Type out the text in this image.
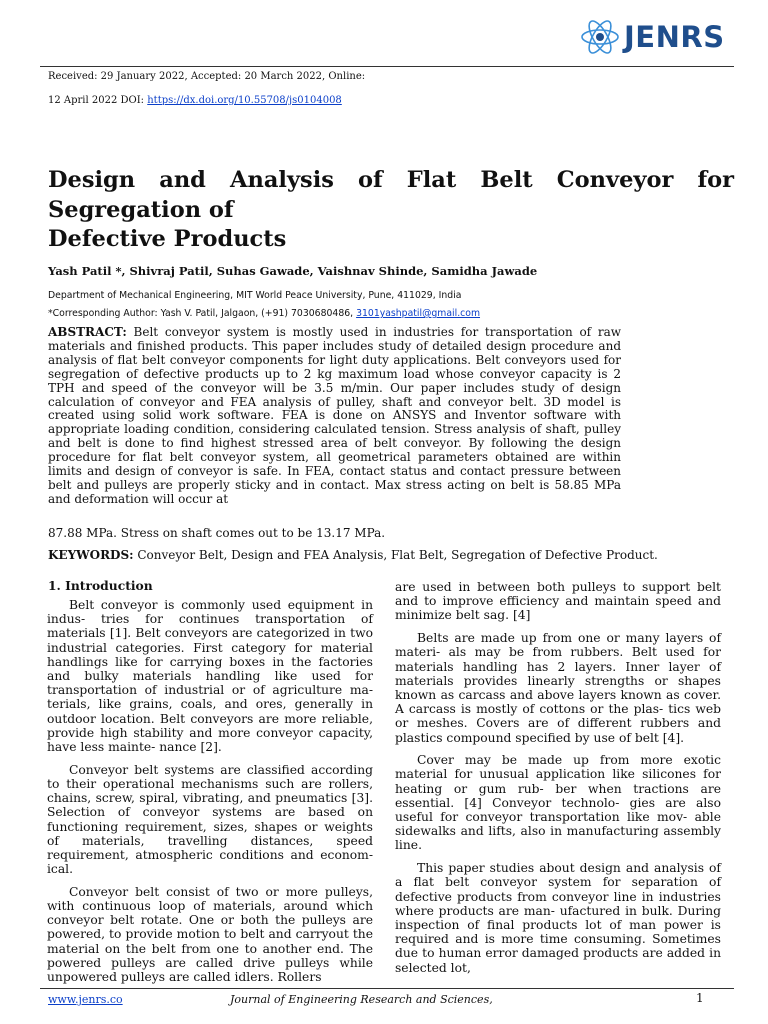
JENRS
Received: 29 January 2022, Accepted: 20 March 2022, Online:
12 April 2022 DOI: https://dx.doi.org/10.55708/js0104008
Design and Analysis of Flat Belt Conveyor for
Segregation of
Defective Products
Yash Patil *, Shivraj Patil, Suhas Gawade, Vaishnav Shinde, Samidha Jawade
Department of Mechanical Engineering, MIT World Peace University, Pune, 411029, India
*Corresponding Author: Yash V. Patil, Jalgaon, (+91) 7030680486, 3101yashpatil@gmail.com
ABSTRACT: Belt conveyor system is mostly used in industries for transportation of raw materials and finished products. This paper includes study of detailed design procedure and analysis of flat belt conveyor components for light duty applications. Belt conveyors used for segregation of defective products up to 2 kg maximum load whose conveyor capacity is 2 TPH and speed of the conveyor will be 3.5 m/min. Our paper includes study of design calculation of conveyor and FEA analysis of pulley, shaft and conveyor belt. 3D model is created using solid work software. FEA is done on ANSYS and Inventor software with appropriate loading condition, considering calculated tension. Stress analysis of shaft, pulley and belt is done to find highest stressed area of belt conveyor. By following the design procedure for flat belt conveyor system, all geometrical parameters obtained are within limits and design of conveyor is safe. In FEA, contact status and contact pressure between belt and pulleys are properly sticky and in contact. Max stress acting on belt is 58.85 MPa and deformation will occur at
87.88 MPa. Stress on shaft comes out to be 13.17 MPa.
KEYWORDS: Conveyor Belt, Design and FEA Analysis, Flat Belt, Segregation of Defective Product.
1. Introduction

Belt conveyor is commonly used equipment in indus- tries for continues transportation of materials [1]. Belt conveyors are categorized in two industrial categories. First category for material handlings like for carrying boxes in the factories and bulky materials handling like used for transportation of industrial or of agriculture ma- terials, like grains, coals, and ores, generally in outdoor location. Belt conveyors are more reliable, provide high stability and more conveyor capacity, have less mainte- nance [2].

Conveyor belt systems are classified according to their operational mechanisms such are rollers, chains, screw, spiral, vibrating, and pneumatics [3]. Selection of conveyor systems are based on functioning requirement, sizes, shapes or weights of materials, travelling distances, speed requirement, atmospheric conditions and econom- ical.

Conveyor belt consist of two or more pulleys, with continuous loop of materials, around which conveyor belt rotate. One or both the pulleys are powered, to provide motion to belt and carryout the material on the belt from one to another end. The powered pulleys are called drive pulleys while unpowered pulleys are called idlers. Rollers

are used in between both pulleys to support belt and to improve efficiency and maintain speed and minimize belt sag. [4]

Belts are made up from one or many layers of materi- als may be from rubbers. Belt used for materials handling has 2 layers. Inner layer of materials provides linearly strengths or shapes known as carcass and above layers known as cover. A carcass is mostly of cottons or the plas- tics web or meshes. Covers are of different rubbers and plastics compound specified by use of belt [4].

Cover may be made up from more exotic material for unusual application like silicones for heating or gum rub- ber when tractions are essential. [4] Conveyor technolo- gies are also useful for conveyor transportation like mov- able sidewalks and lifts, also in manufacturing assembly line.

This paper studies about design and analysis of a flat belt conveyor system for separation of defective products from conveyor line in industries where products are man- ufactured in bulk. During inspection of final products lot of man power is required and is more time consuming. Sometimes due to human error damaged products are added in selected lot,

www.jenrs.co	Journal of Engineering Research and Sciences,	1
